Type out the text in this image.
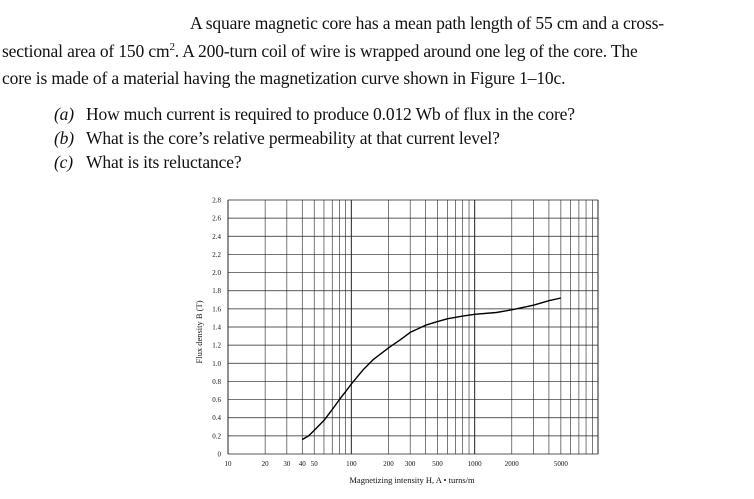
A square magnetic core has a mean path length of 55 cm and a cross-
sectional area of 150 $cm^2$. A 200-turn coil of wire is wrapped around one leg of the core. The
core is made of a material having the magnetization curve shown in Figure 1–10c.
(a) How much current is required to produce 0.012 Wb of flux in the core?
(b) What is the core’s relative permeability at that current level?
(c) What is its reluctance?
0
0.2
0.4
0.6
0.8
1.0
1.2
1.4
1.6
1.8
2.0
2.2
2.4
2.6
2.8
10	20 30 40 50	100	200 300 500	1000	2000	5000
Magnetizing intensity H, A • turns/m
Flux density B (T)
